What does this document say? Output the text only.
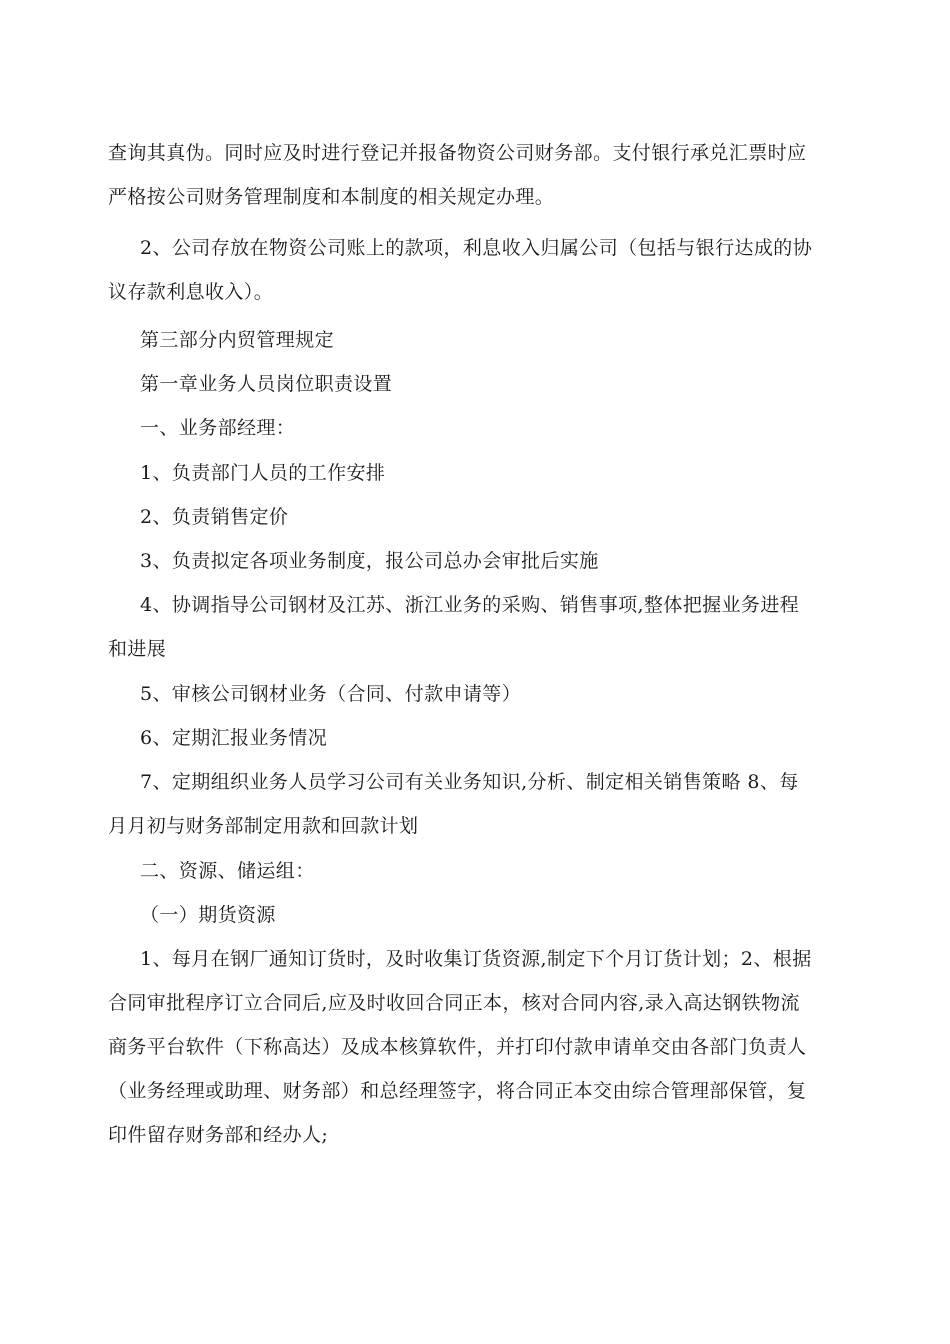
查询其真伪。同时应及时进行登记并报备物资公司财务部。支付银行承兑汇票时应
严格按公司财务管理制度和本制度的相关规定办理。

2、公司存放在物资公司账上的款项，利息收入归属公司（包括与银行达成的协
议存款利息收入）。

第三部分内贸管理规定

第一章业务人员岗位职责设置

一、业务部经理：

1、负责部门人员的工作安排

2、负责销售定价

3、负责拟定各项业务制度，报公司总办会审批后实施

4、协调指导公司钢材及江苏、浙江业务的采购、销售事项,整体把握业务进程
和进展

5、审核公司钢材业务（合同、付款申请等）

6、定期汇报业务情况

7、定期组织业务人员学习公司有关业务知识,分析、制定相关销售策略 8、每
月月初与财务部制定用款和回款计划

二、资源、储运组：

（一）期货资源

1、每月在钢厂通知订货时，及时收集订货资源,制定下个月订货计划；2、根据
合同审批程序订立合同后,应及时收回合同正本，核对合同内容,录入高达钢铁物流
商务平台软件（下称高达）及成本核算软件，并打印付款申请单交由各部门负责人
（业务经理或助理、财务部）和总经理签字，将合同正本交由综合管理部保管，复
印件留存财务部和经办人;
